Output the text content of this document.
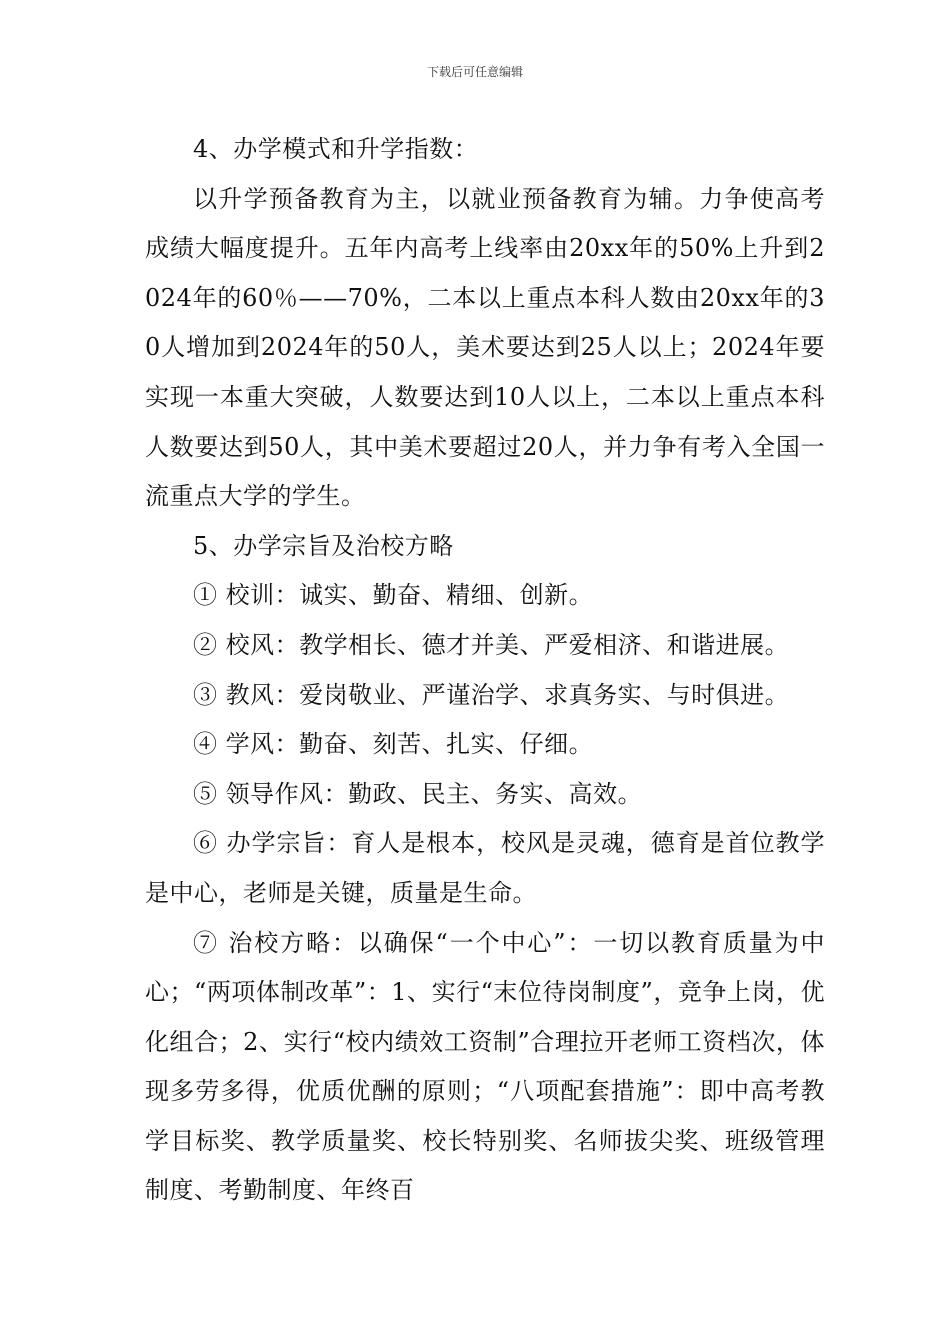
下载后可任意编辑

4、办学模式和升学指数：

以升学预备教育为主，以就业预备教育为辅。力争使高考成绩大幅度提升。五年内高考上线率由20xx年的50%上升到2024年的60％——70%，二本以上重点本科人数由20xx年的30人增加到2024年的50人，美术要达到25人以上；2024年要实现一本重大突破，人数要达到10人以上，二本以上重点本科人数要达到50人，其中美术要超过20人，并力争有考入全国一流重点大学的学生。

5、办学宗旨及治校方略

① 校训：诚实、勤奋、精细、创新。

② 校风：教学相长、德才并美、严爱相济、和谐进展。

③ 教风：爱岗敬业、严谨治学、求真务实、与时俱进。

④ 学风：勤奋、刻苦、扎实、仔细。

⑤ 领导作风：勤政、民主、务实、高效。

⑥ 办学宗旨：育人是根本，校风是灵魂，德育是首位教学是中心，老师是关键，质量是生命。

⑦ 治校方略：以确保“一个中心”：一切以教育质量为中心；“两项体制改革”：1、实行“末位待岗制度”，竞争上岗，优化组合；2、实行“校内绩效工资制”合理拉开老师工资档次，体现多劳多得，优质优酬的原则；“八项配套措施”：即中高考教学目标奖、教学质量奖、校长特别奖、名师拔尖奖、班级管理制度、考勤制度、年终百
